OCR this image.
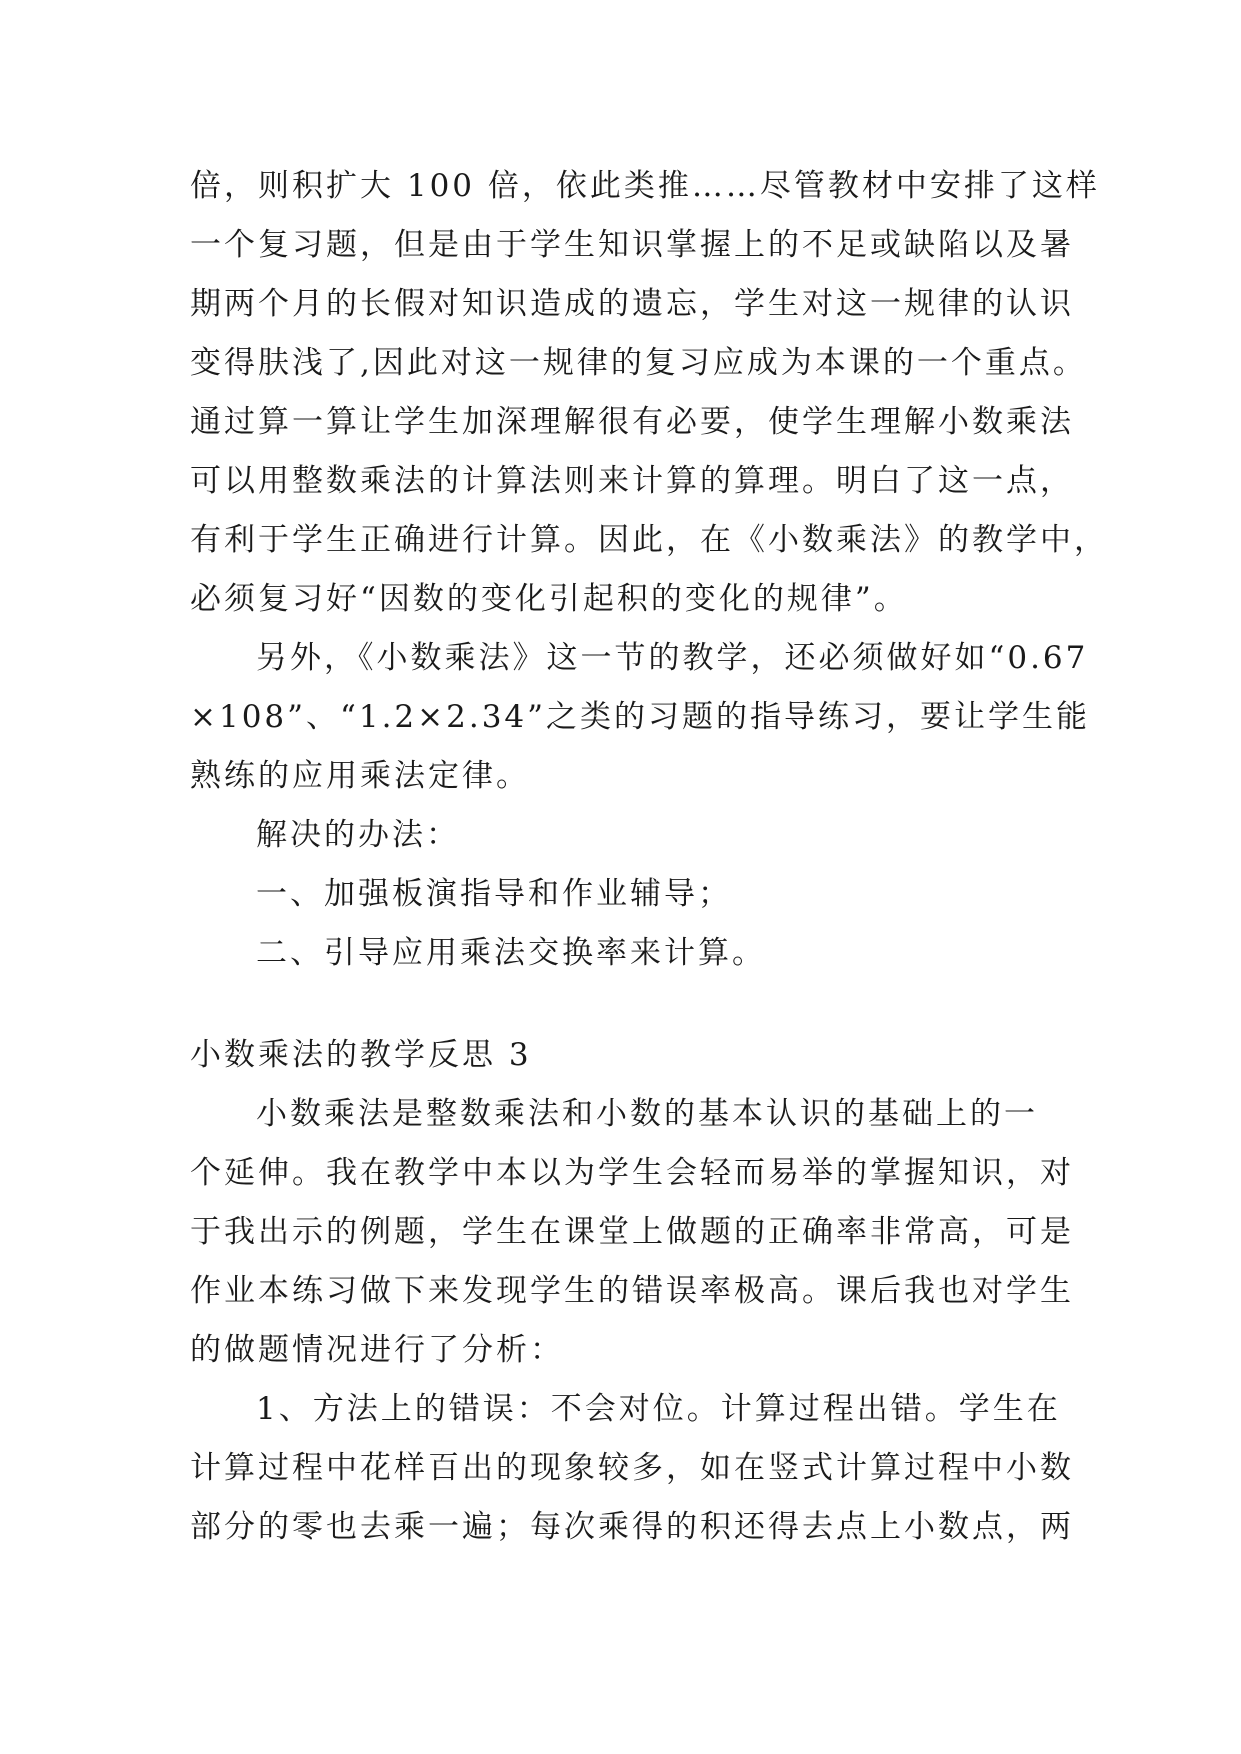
倍，则积扩大 100 倍，依此类推……尽管教材中安排了这样
一个复习题，但是由于学生知识掌握上的不足或缺陷以及暑
期两个月的长假对知识造成的遗忘，学生对这一规律的认识
变得肤浅了,因此对这一规律的复习应成为本课的一个重点。
通过算一算让学生加深理解很有必要，使学生理解小数乘法
可以用整数乘法的计算法则来计算的算理。明白了这一点，
有利于学生正确进行计算。因此，在《小数乘法》的教学中，
必须复习好“因数的变化引起积的变化的规律”。
另外，《小数乘法》这一节的教学，还必须做好如“0.67
×108”、“1.2×2.34”之类的习题的指导练习，要让学生能
熟练的应用乘法定律。
解决的办法：
一、加强板演指导和作业辅导；
二、引导应用乘法交换率来计算。
小数乘法的教学反思 3
小数乘法是整数乘法和小数的基本认识的基础上的一
个延伸。我在教学中本以为学生会轻而易举的掌握知识，对
于我出示的例题，学生在课堂上做题的正确率非常高，可是
作业本练习做下来发现学生的错误率极高。课后我也对学生
的做题情况进行了分析：
1、方法上的错误：不会对位。计算过程出错。学生在
计算过程中花样百出的现象较多，如在竖式计算过程中小数
部分的零也去乘一遍；每次乘得的积还得去点上小数点，两
